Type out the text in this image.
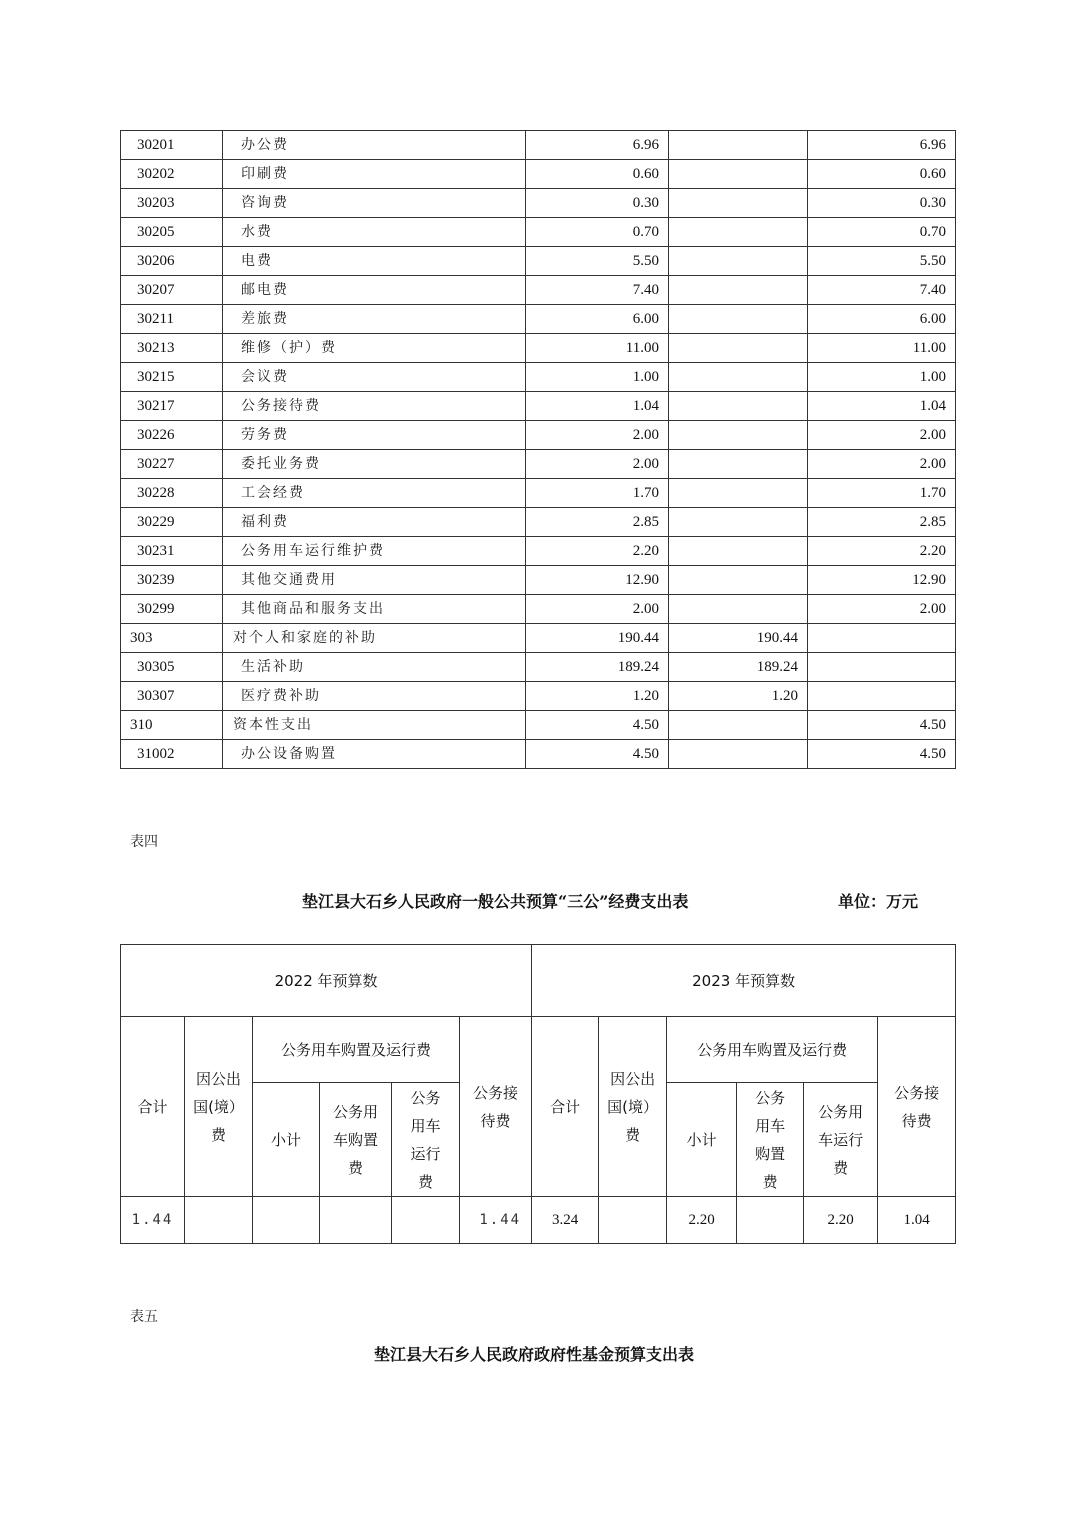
30201	办公费	6.96		6.96
30202	印刷费	0.60		0.60
30203	咨询费	0.30		0.30
30205	水费	0.70		0.70
30206	电费	5.50		5.50
30207	邮电费	7.40		7.40
30211	差旅费	6.00		6.00
30213	维修（护）费	11.00		11.00
30215	会议费	1.00		1.00
30217	公务接待费	1.04		1.04
30226	劳务费	2.00		2.00
30227	委托业务费	2.00		2.00
30228	工会经费	1.70		1.70
30229	福利费	2.85		2.85
30231	公务用车运行维护费	2.20		2.20
30239	其他交通费用	12.90		12.90
30299	其他商品和服务支出	2.00		2.00
303	对个人和家庭的补助	190.44	190.44	
30305	生活补助	189.24	189.24	
30307	医疗费补助	1.20	1.20	
310	资本性支出	4.50		4.50
31002	办公设备购置	4.50		4.50
表四
垫江县大石乡人民政府一般公共预算“三公”经费支出表	单位：万元
2022 年预算数						2023 年预算数					
合计	因公出国(境）费	公务用车购置及运行费			公务接待费	合计	因公出国(境）费	公务用车购置及运行费			公务接待费
		小计	公务用车购置费	公务用车运行费				小计	公务用车购置费	公务用车运行费	
1.44					1.44	3.24		2.20		2.20	1.04
表五
垫江县大石乡人民政府政府性基金预算支出表
